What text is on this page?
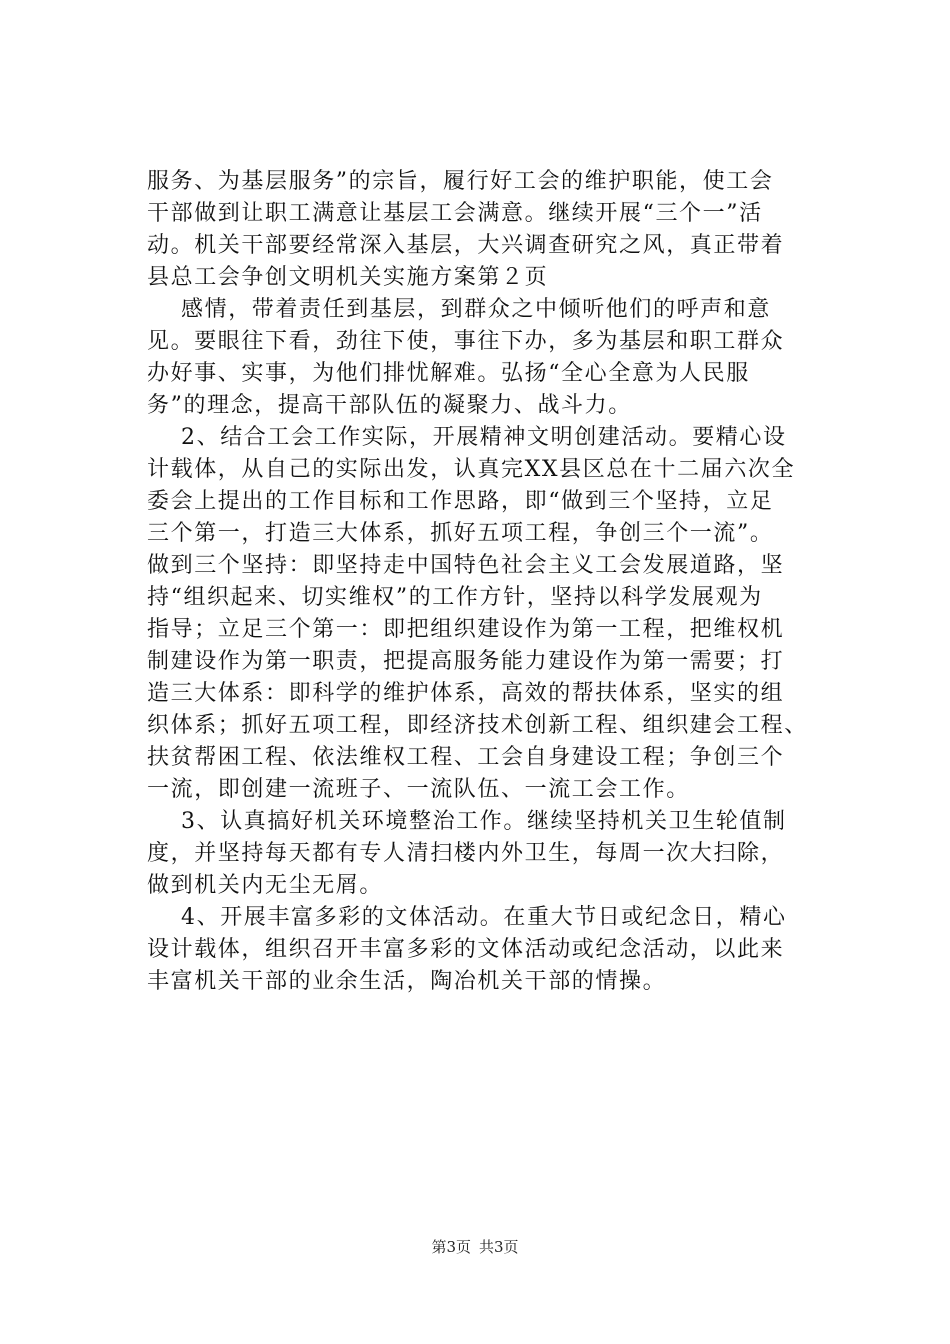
服务、为基层服务”的宗旨，履行好工会的维护职能，使工会
干部做到让职工满意让基层工会满意。继续开展“三个一”活
动。机关干部要经常深入基层，大兴调查研究之风，真正带着
县总工会争创文明机关实施方案第２页
感情，带着责任到基层，到群众之中倾听他们的呼声和意
见。要眼往下看，劲往下使，事往下办，多为基层和职工群众
办好事、实事，为他们排忧解难。弘扬“全心全意为人民服
务”的理念，提高干部队伍的凝聚力、战斗力。
2、结合工会工作实际，开展精神文明创建活动。要精心设
计载体，从自己的实际出发，认真完XX县区总在十二届六次全
委会上提出的工作目标和工作思路，即“做到三个坚持，立足
三个第一，打造三大体系，抓好五项工程，争创三个一流”。
做到三个坚持：即坚持走中国特色社会主义工会发展道路，坚
持“组织起来、切实维权”的工作方针，坚持以科学发展观为
指导；立足三个第一：即把组织建设作为第一工程，把维权机
制建设作为第一职责，把提高服务能力建设作为第一需要；打
造三大体系：即科学的维护体系，高效的帮扶体系，坚实的组
织体系；抓好五项工程，即经济技术创新工程、组织建会工程、
扶贫帮困工程、依法维权工程、工会自身建设工程；争创三个
一流，即创建一流班子、一流队伍、一流工会工作。
3、认真搞好机关环境整治工作。继续坚持机关卫生轮值制
度，并坚持每天都有专人清扫楼内外卫生，每周一次大扫除，
做到机关内无尘无屑。
4、开展丰富多彩的文体活动。在重大节日或纪念日，精心
设计载体，组织召开丰富多彩的文体活动或纪念活动，以此来
丰富机关干部的业余生活，陶冶机关干部的情操。
第3页 共3页
